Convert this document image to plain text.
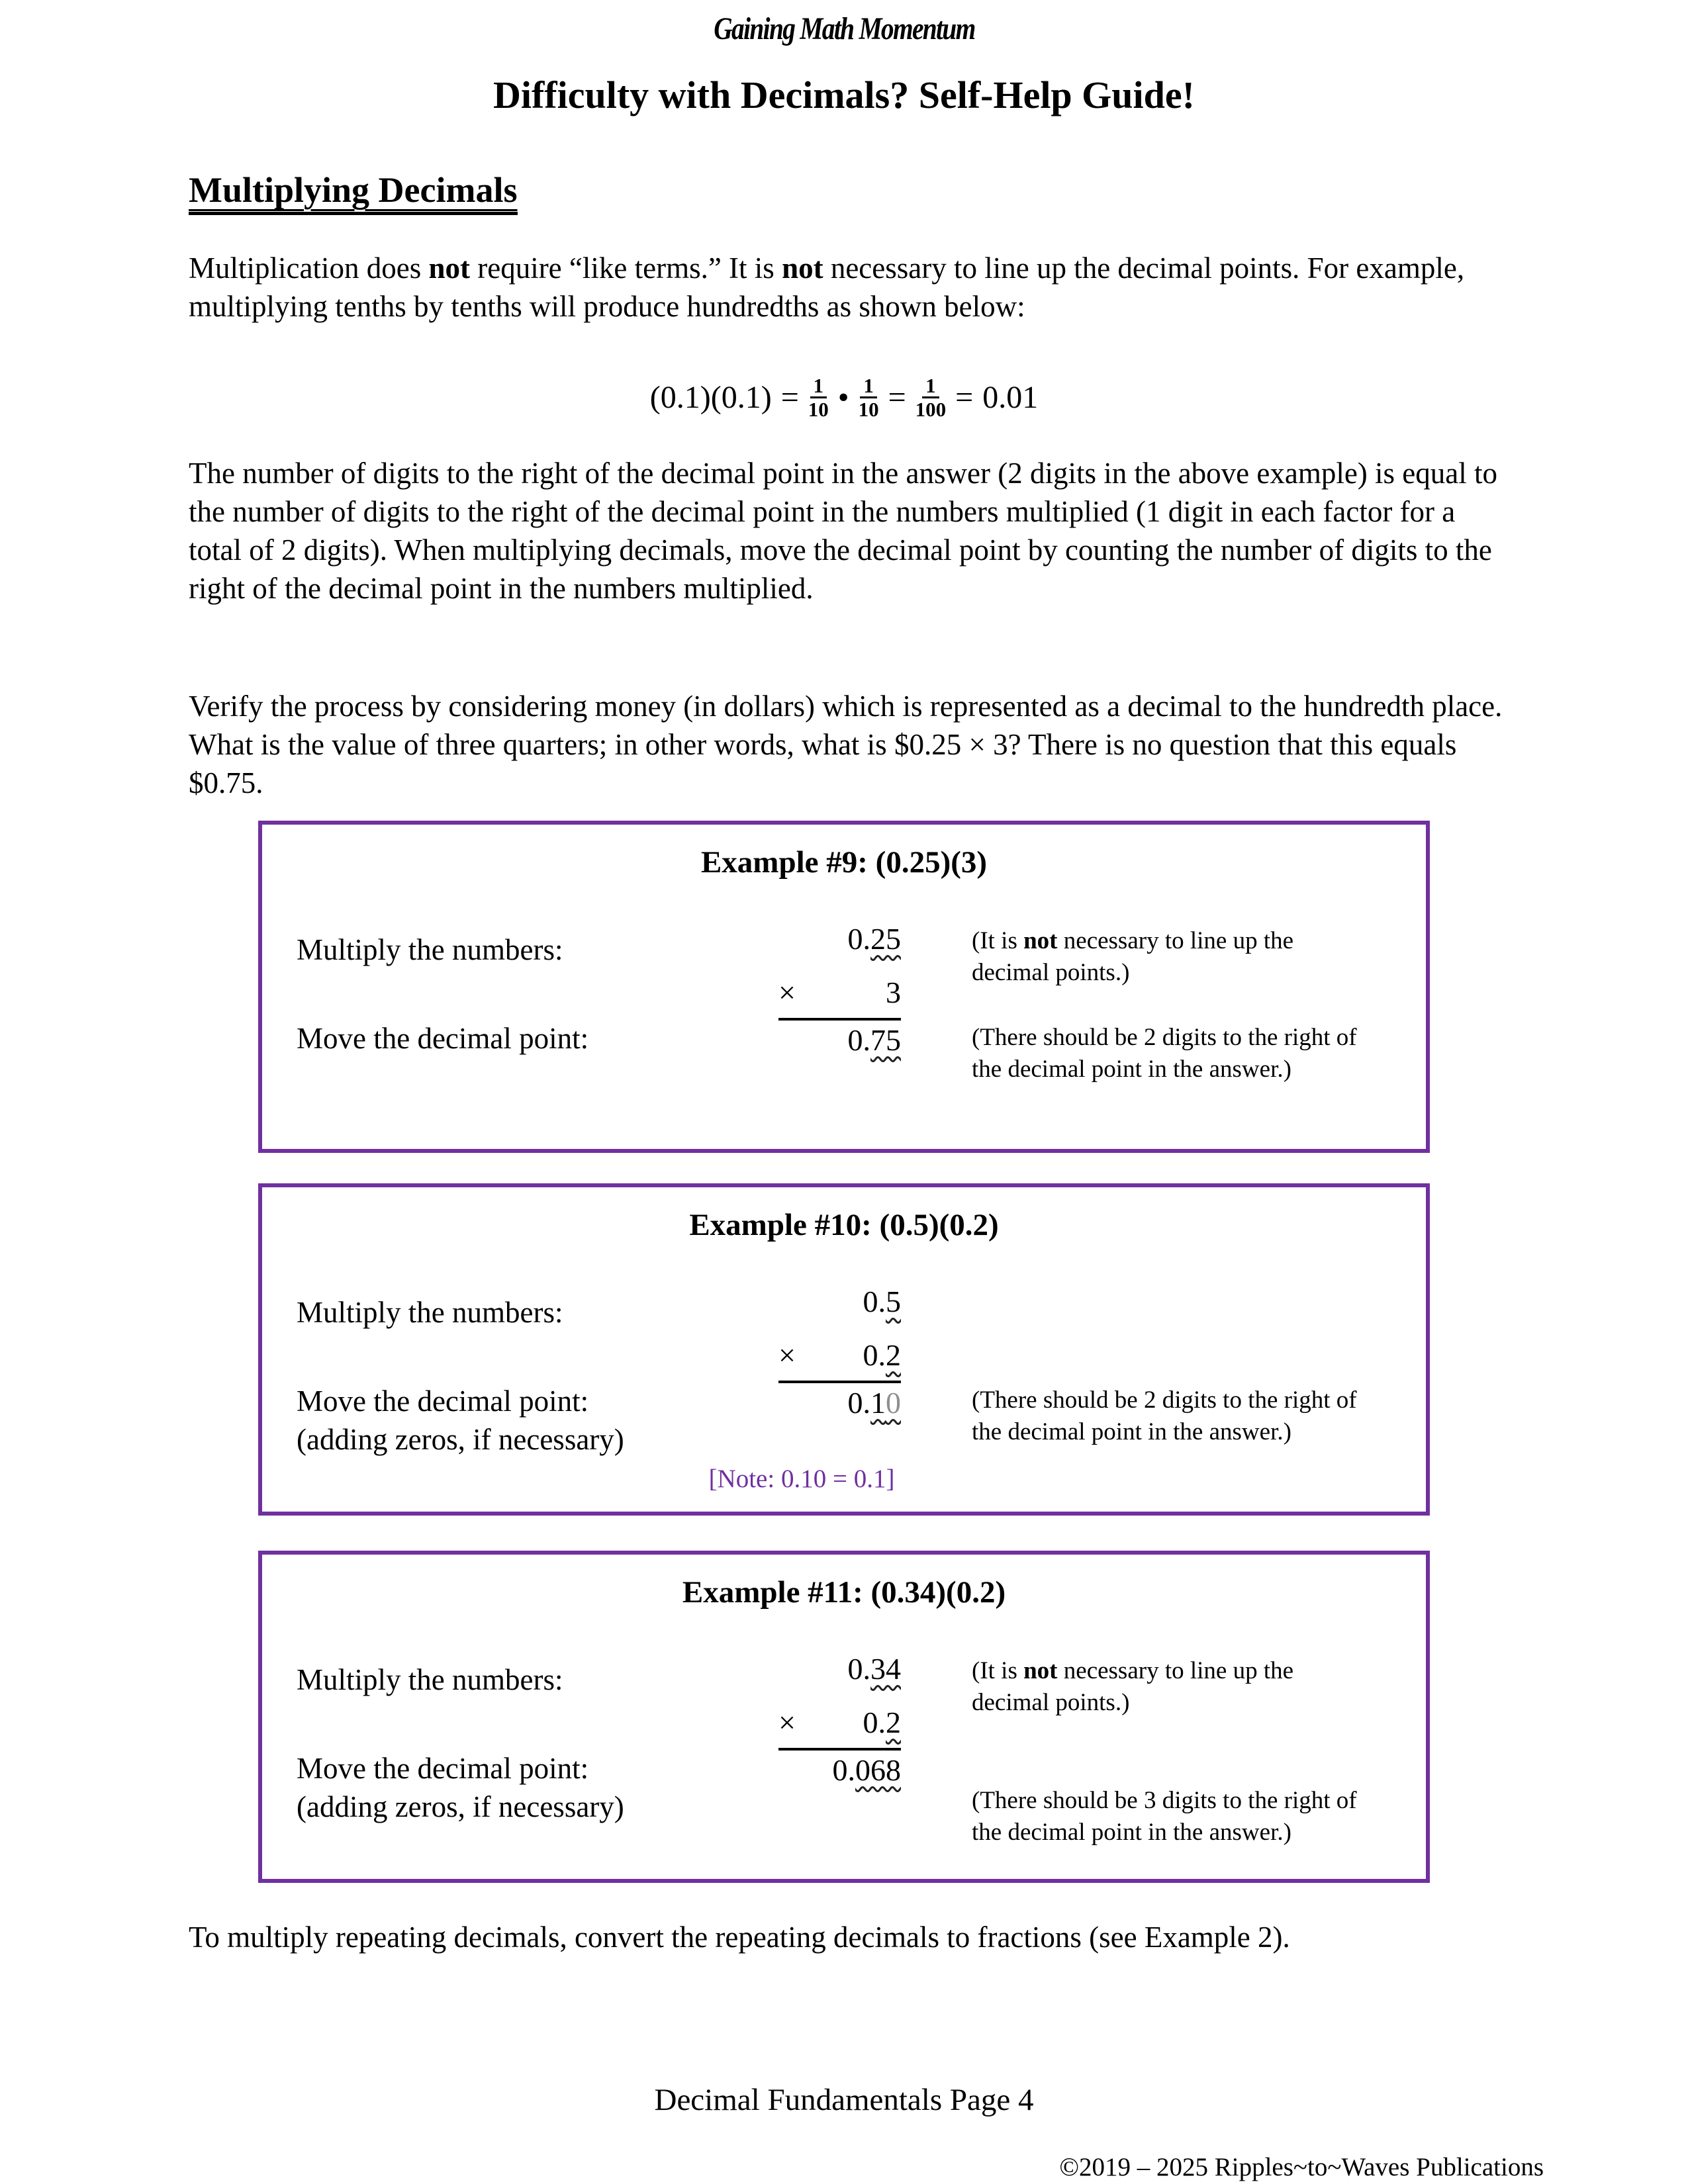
Gaining Math Momentum
Difficulty with Decimals? Self-Help Guide!
Multiplying Decimals
Multiplication does not require “like terms.” It is not necessary to line up the decimal points. For example, multiplying tenths by tenths will produce hundredths as shown below:
$(0.1)(0.1) = \frac{1}{10}$ • $\frac{1}{10} = \frac{1}{100} = 0.01$
The number of digits to the right of the decimal point in the answer (2 digits in the above example) is equal to the number of digits to the right of the decimal point in the numbers multiplied (1 digit in each factor for a total of 2 digits). When multiplying decimals, move the decimal point by counting the number of digits to the right of the decimal point in the numbers multiplied.
Verify the process by considering money (in dollars) which is represented as a decimal to the hundredth place. What is the value of three quarters; in other words, what is $0.25 × 3? There is no question that this equals $0.75.
Example #9: (0.25)(3)
Multiply the numbers:
Move the decimal point:
0.25
×	3
0.75
(It is not necessary to line up the decimal points.)
(There should be 2 digits to the right of the decimal point in the answer.)
Example #10: (0.5)(0.2)
Multiply the numbers:
Move the decimal point:
(adding zeros, if necessary)
0.5
× 0.2
0.10	(There should be 2 digits to the right of the decimal point in the answer.)
[Note: 0.10 = 0.1]
Example #11: (0.34)(0.2)
Multiply the numbers:
Move the decimal point:
(adding zeros, if necessary)
0.34
× 0.2
0.068
(It is not necessary to line up the decimal points.)
(There should be 3 digits to the right of the decimal point in the answer.)
To multiply repeating decimals, convert the repeating decimals to fractions (see Example 2).
Decimal Fundamentals Page 4
©2019 – 2025 Ripples~to~Waves Publications
